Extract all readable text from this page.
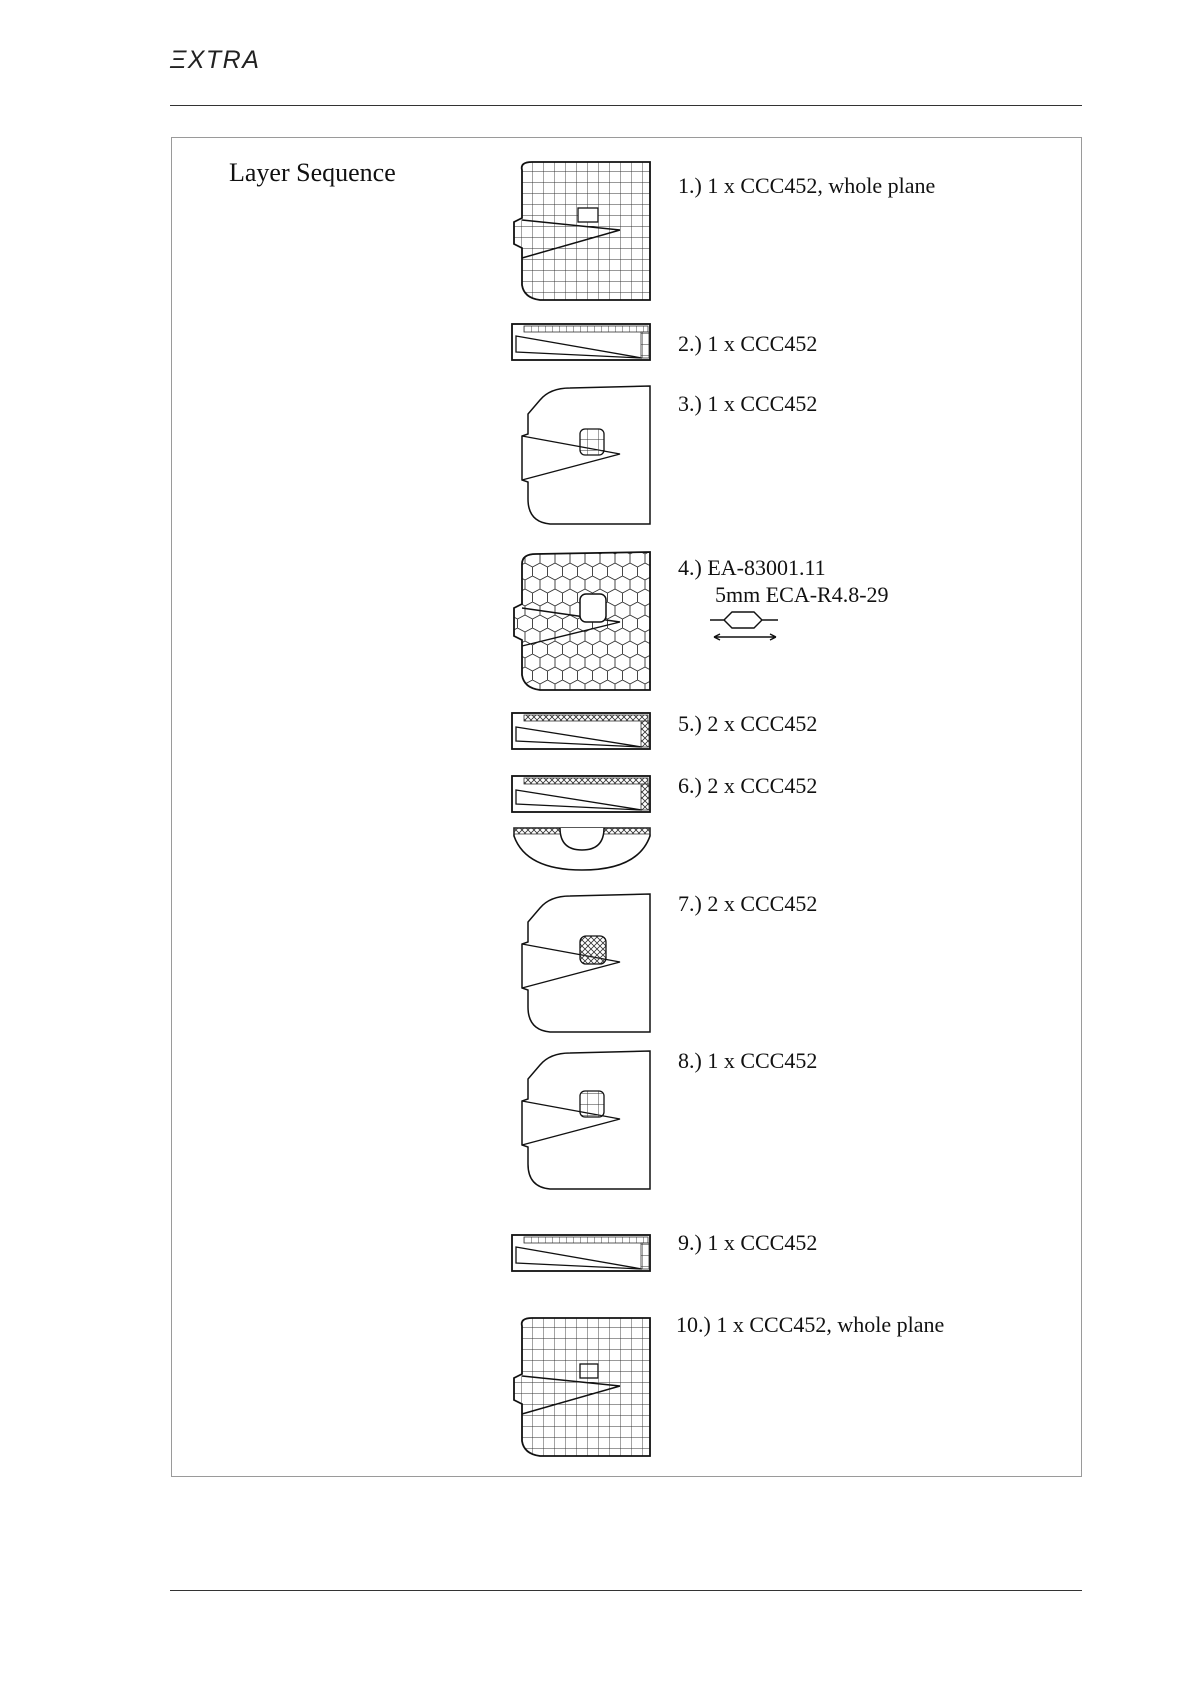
ΞXTRA
Layer Sequence	1.) 1 x CCC452, whole plane
2.) 1 x CCC452
3.) 1 x CCC452
4.) EA-83001.11
5mm ECA-R4.8-29
5.) 2 x CCC452
6.) 2 x CCC452
7.) 2 x CCC452
8.) 1 x CCC452
9.) 1 x CCC452
10.) 1 x CCC452, whole plane
